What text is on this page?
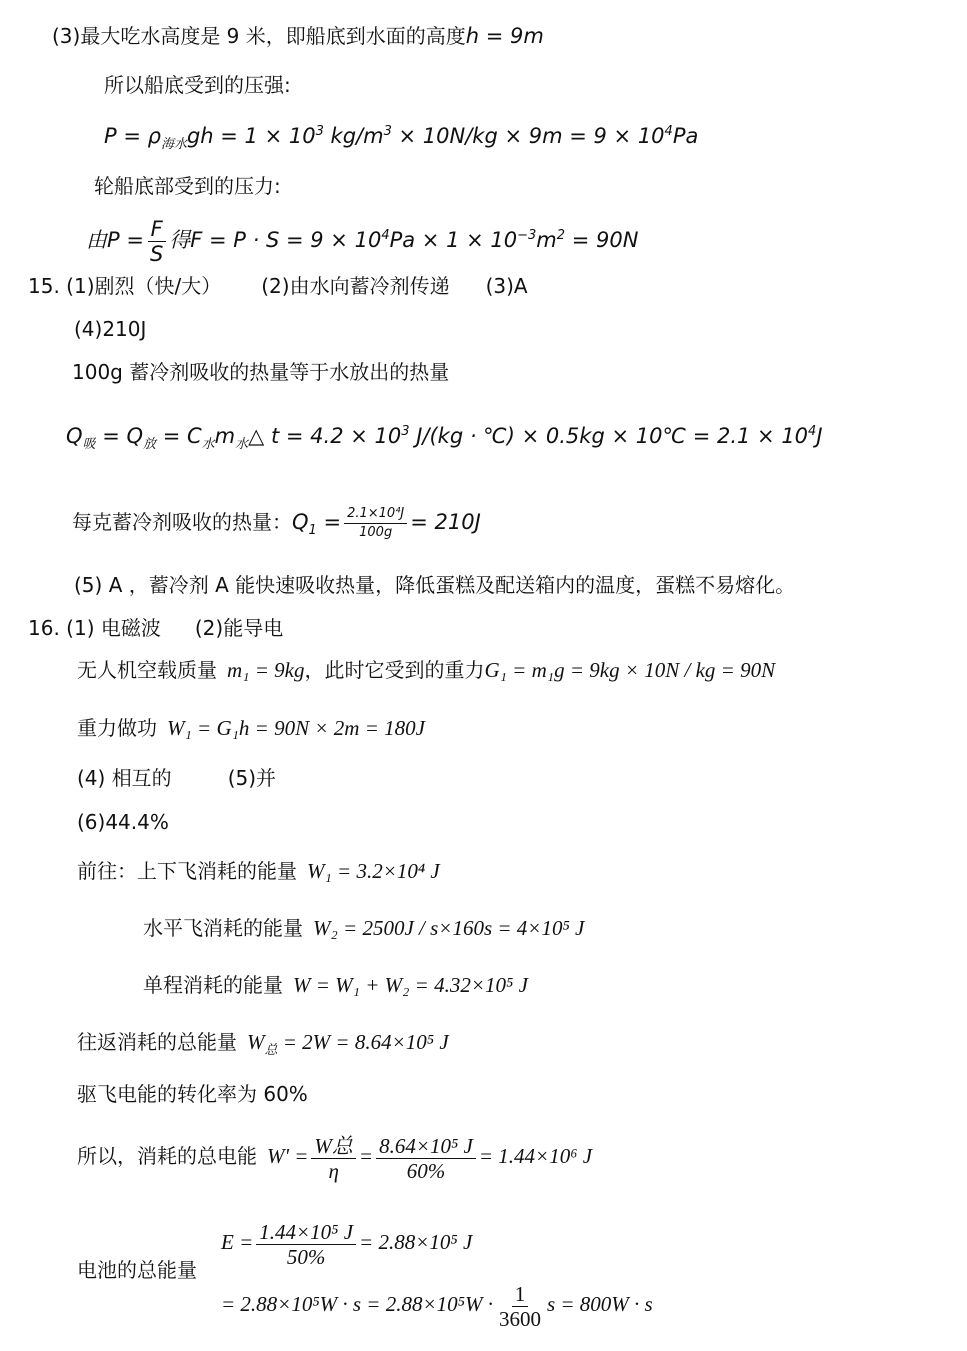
(3)最大吃水高度是 9 米，即船底到水面的高度h = 9m
所以船底受到的压强:
$P = \rho_{海水}gh = 1 \times 10^3$ $kg/m^3 \times 10N/kg \times 9m = 9 \times 10^4Pa$
轮船底部受到的压力:
由$P = \frac{F}{S}$ 得$F = P \cdot S = 9 \times 10^4Pa \times 1 \times 10^{-3}m^2 = 90N$
15. (1)剧烈（快/大） (2)由水向蓄冷剂传递 (3)A
(4)210J
100g 蓄冷剂吸收的热量等于水放出的热量
$Q_吸 = Q_放$ = $C_水m_水\triangle$ $t = 4.2 \times 10^3$ J/(kg · ℃) × 0.5kg × 10℃ = $2.1 \times 10^4J$
每克蓄冷剂吸收的热量：$Q_1 = \frac{\text{2.1×10⁴J}}{100g} = 210J$
(5) A ，蓄冷剂 A 能快速吸收热量，降低蛋糕及配送箱内的温度，蛋糕不易熔化。
16. (1) 电磁波 (2)能导电
无人机空载质量 m₁ = 9kg，此时它受到的重力G₁ = m₁g = 9kg × 10N / kg = 90N
重力做功 W₁ = G₁h = 90N × 2m = 180J
(4) 相互的	(5)并
(6)44.4%
前往：上下飞消耗的能量 W₁ = 3.2×10⁴ J
水平飞消耗的能量 W₂ = 2500J / s×160s = 4×10⁵ J
单程消耗的能量 W = W₁ + W₂ = 4.32×10⁵ J
往返消耗的总能量 $W_总 = 2W = 8.64\times 10^5$ J
驱飞电能的转化率为 60%
所以，消耗的总电能 $W' = \frac{\text{W总}}{\eta} = \frac{\text{8.64×10⁵ J}}{60\%} = 1.44\times 10^6$ J
电池的总能量
$E = \frac{\text{1.44×10⁵ J}}{50\%} = 2.88\times 10^5$ J
= $2.88\times 10^5W \cdot s = 2.88\times 10^5W \cdot \frac{1}{3600}$ s = 800W · s
